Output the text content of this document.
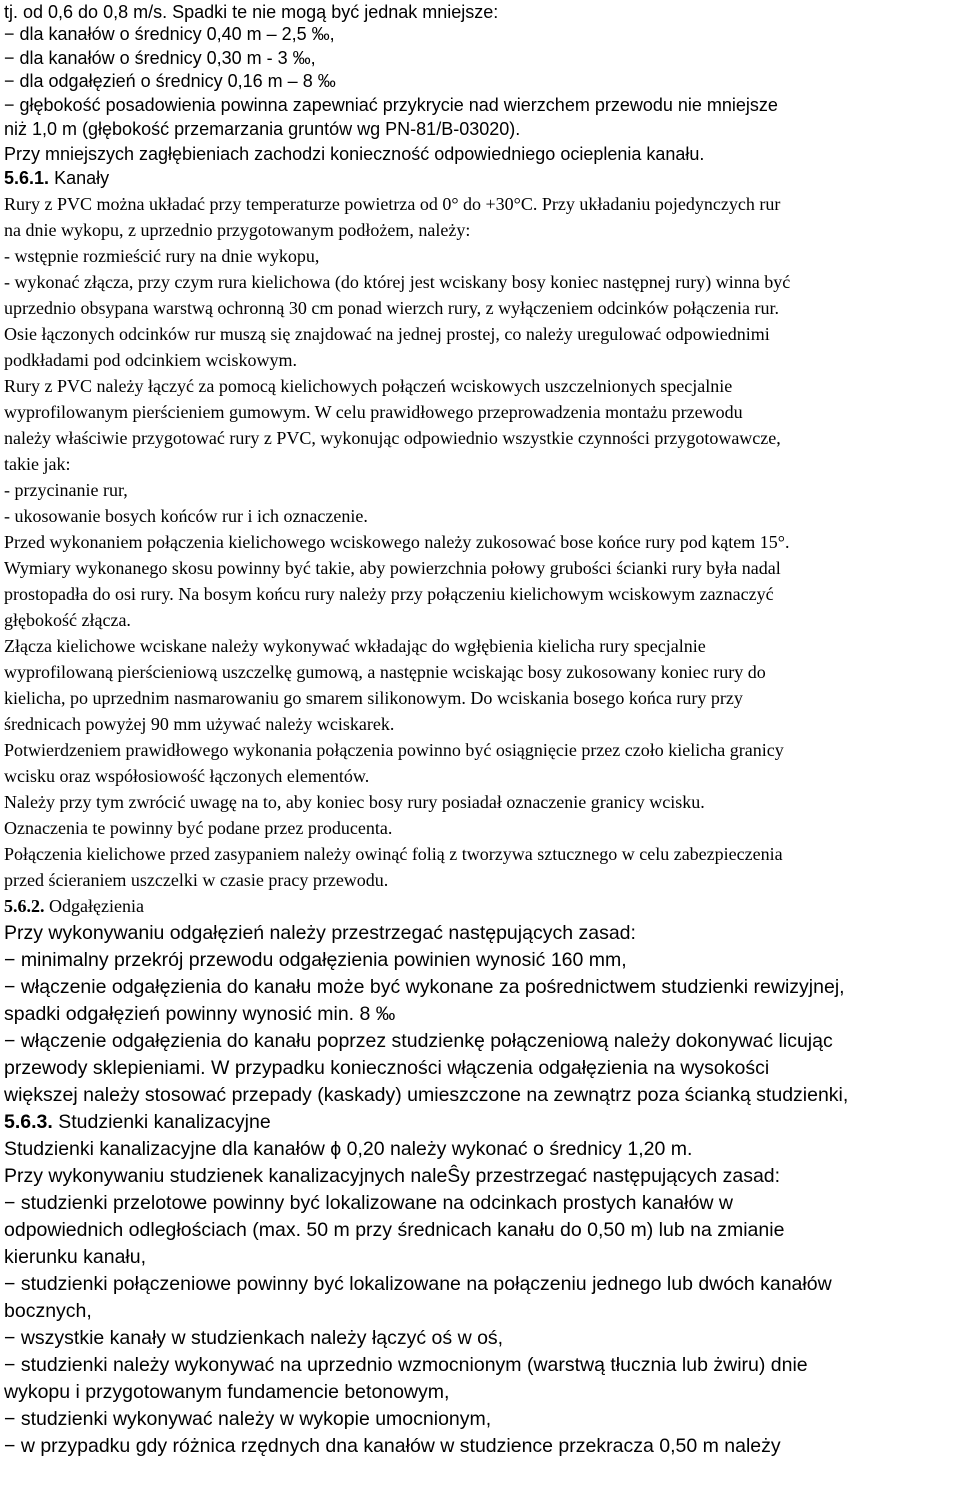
tj. od 0,6 do 0,8 m/s. Spadki te nie mogą być jednak mniejsze:
− dla kanałów o średnicy 0,40 m – 2,5 ‰,
− dla kanałów o średnicy 0,30 m - 3 ‰,
− dla odgałęzień o średnicy 0,16 m – 8 ‰
− głębokość posadowienia powinna zapewniać przykrycie nad wierzchem przewodu nie mniejsze
niż 1,0 m (głębokość przemarzania gruntów wg PN-81/B-03020).
Przy mniejszych zagłębieniach zachodzi konieczność odpowiedniego ocieplenia kanału.
5.6.1. Kanały
Rury z PVC można układać przy temperaturze powietrza od 0° do +30°C. Przy układaniu pojedynczych rur
na dnie wykopu, z uprzednio przygotowanym podłożem, należy:
- wstępnie rozmieścić rury na dnie wykopu,
- wykonać złącza, przy czym rura kielichowa (do której jest wciskany bosy koniec następnej rury) winna być
uprzednio obsypana warstwą ochronną 30 cm ponad wierzch rury, z wyłączeniem odcinków połączenia rur.
Osie łączonych odcinków rur muszą się znajdować na jednej prostej, co należy uregulować odpowiednimi
podkładami pod odcinkiem wciskowym.
Rury z PVC należy łączyć za pomocą kielichowych połączeń wciskowych uszczelnionych specjalnie
wyprofilowanym pierścieniem gumowym. W celu prawidłowego przeprowadzenia montażu przewodu
należy właściwie przygotować rury z PVC, wykonując odpowiednio wszystkie czynności przygotowawcze,
takie jak:
- przycinanie rur,
- ukosowanie bosych końców rur i ich oznaczenie.
Przed wykonaniem połączenia kielichowego wciskowego należy zukosować bose końce rury pod kątem 15°.
Wymiary wykonanego skosu powinny być takie, aby powierzchnia połowy grubości ścianki rury była nadal
prostopadła do osi rury. Na bosym końcu rury należy przy połączeniu kielichowym wciskowym zaznaczyć
głębokość złącza.
Złącza kielichowe wciskane należy wykonywać wkładając do wgłębienia kielicha rury specjalnie
wyprofilowaną pierścieniową uszczelkę gumową, a następnie wciskając bosy zukosowany koniec rury do
kielicha, po uprzednim nasmarowaniu go smarem silikonowym. Do wciskania bosego końca rury przy
średnicach powyżej 90 mm używać należy wciskarek.
Potwierdzeniem prawidłowego wykonania połączenia powinno być osiągnięcie przez czoło kielicha granicy
wcisku oraz współosiowość łączonych elementów.
Należy przy tym zwrócić uwagę na to, aby koniec bosy rury posiadał oznaczenie granicy wcisku.
Oznaczenia te powinny być podane przez producenta.
Połączenia kielichowe przed zasypaniem należy owinąć folią z tworzywa sztucznego w celu zabezpieczenia
przed ścieraniem uszczelki w czasie pracy przewodu.
5.6.2. Odgałęzienia
Przy wykonywaniu odgałęzień należy przestrzegać następujących zasad:
− minimalny przekrój przewodu odgałęzienia powinien wynosić 160 mm,
− włączenie odgałęzienia do kanału może być wykonane za pośrednictwem studzienki rewizyjnej,
spadki odgałęzień powinny wynosić min. 8 ‰
− włączenie odgałęzienia do kanału poprzez studzienkę połączeniową należy dokonywać licując
przewody sklepieniami. W przypadku konieczności włączenia odgałęzienia na wysokości
większej należy stosować przepady (kaskady) umieszczone na zewnątrz poza ścianką studzienki,
5.6.3. Studzienki kanalizacyjne
Studzienki kanalizacyjne dla kanałów ϕ 0,20 należy wykonać o średnicy 1,20 m.
Przy wykonywaniu studzienek kanalizacyjnych naleŜy przestrzegać następujących zasad:
− studzienki przelotowe powinny być lokalizowane na odcinkach prostych kanałów w
odpowiednich odległościach (max. 50 m przy średnicach kanału do 0,50 m) lub na zmianie
kierunku kanału,
− studzienki połączeniowe powinny być lokalizowane na połączeniu jednego lub dwóch kanałów
bocznych,
− wszystkie kanały w studzienkach należy łączyć oś w oś,
− studzienki należy wykonywać na uprzednio wzmocnionym (warstwą tłucznia lub żwiru) dnie
wykopu i przygotowanym fundamencie betonowym,
− studzienki wykonywać należy w wykopie umocnionym,
− w przypadku gdy różnica rzędnych dna kanałów w studzience przekracza 0,50 m należy
